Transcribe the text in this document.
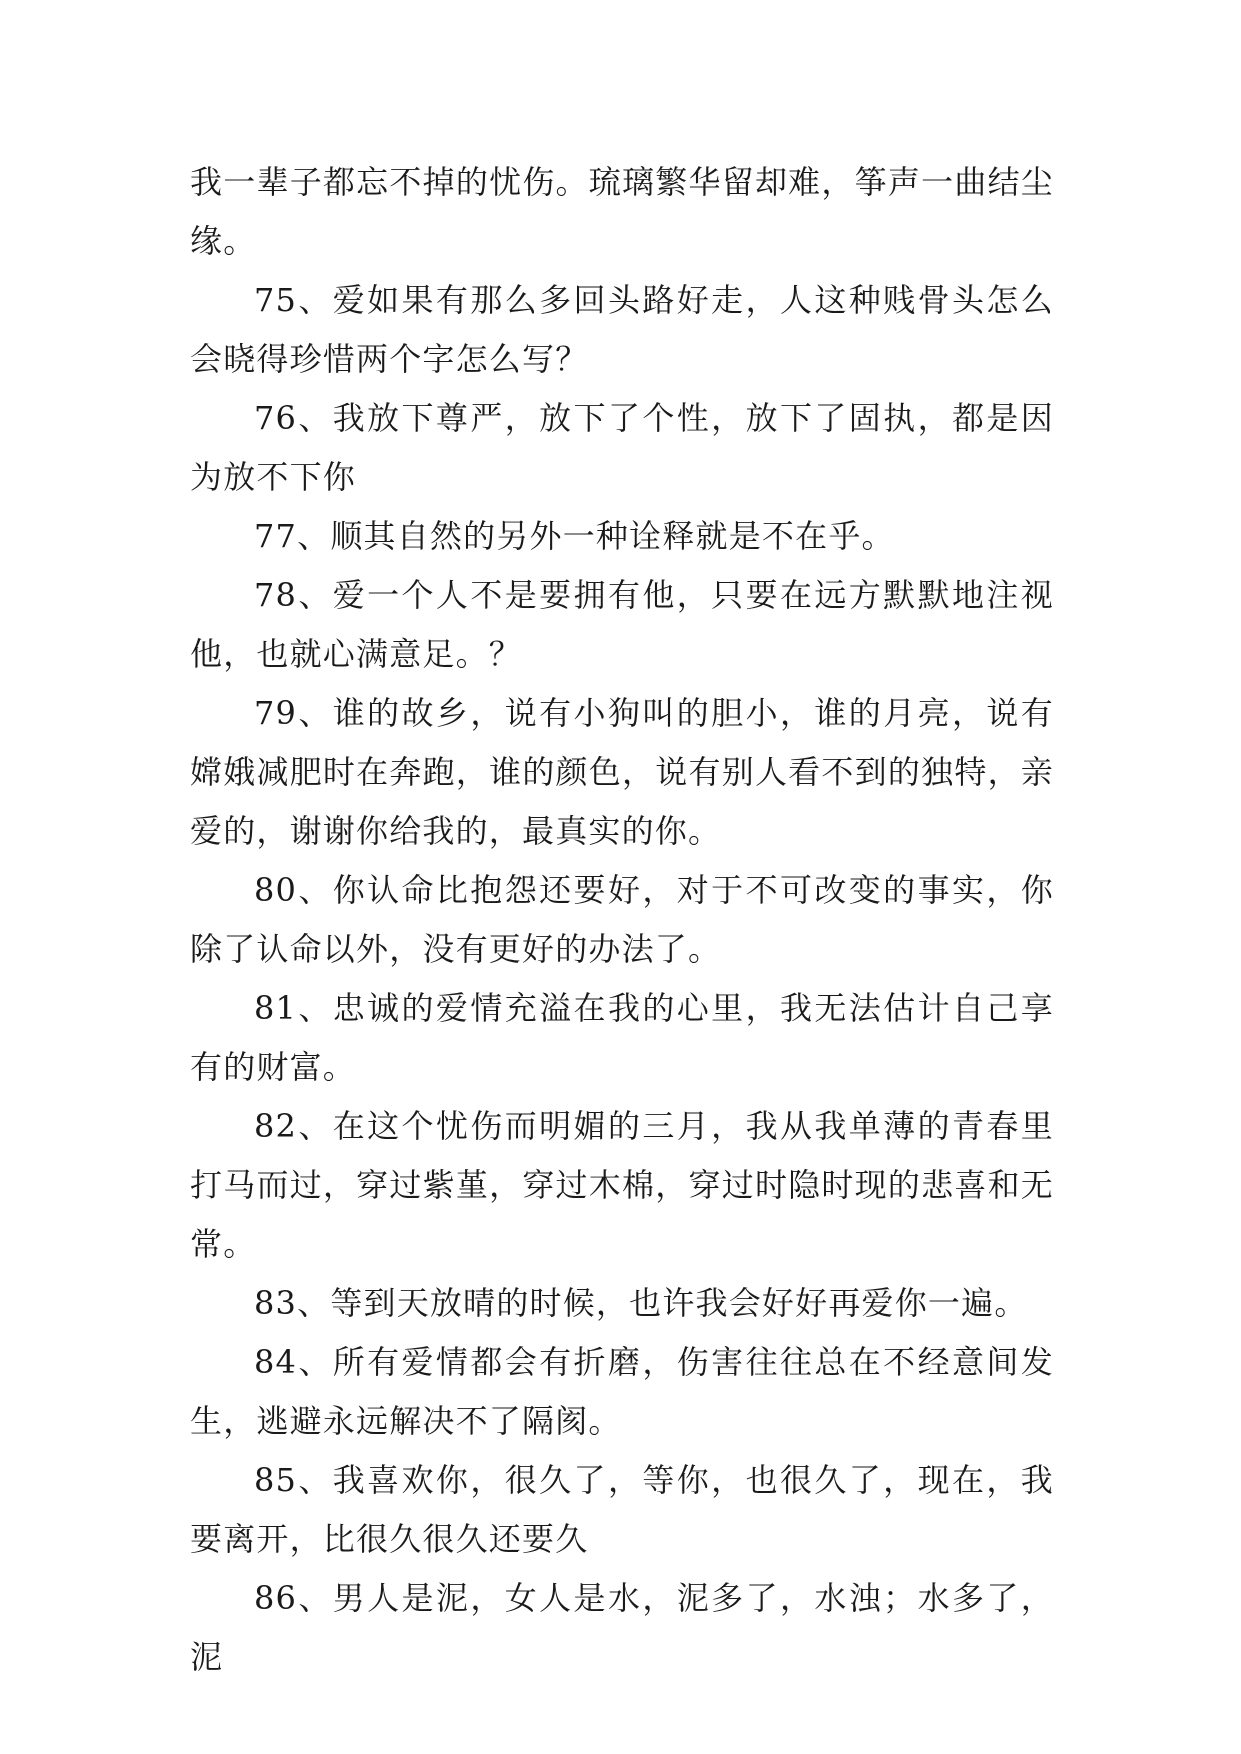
我一辈子都忘不掉的忧伤。琉璃繁华留却难，筝声一曲结尘缘。

75、爱如果有那么多回头路好走，人这种贱骨头怎么会晓得珍惜两个字怎么写？

76、我放下尊严，放下了个性，放下了固执，都是因为放不下你

77、顺其自然的另外一种诠释就是不在乎。

78、爱一个人不是要拥有他，只要在远方默默地注视他，也就心满意足。？

79、谁的故乡，说有小狗叫的胆小，谁的月亮，说有嫦娥减肥时在奔跑，谁的颜色，说有别人看不到的独特，亲爱的，谢谢你给我的，最真实的你。

80、你认命比抱怨还要好，对于不可改变的事实，你除了认命以外，没有更好的办法了。

81、忠诚的爱情充溢在我的心里，我无法估计自己享有的财富。

82、在这个忧伤而明媚的三月，我从我单薄的青春里打马而过，穿过紫堇，穿过木棉，穿过时隐时现的悲喜和无常。

83、等到天放晴的时候，也许我会好好再爱你一遍。

84、所有爱情都会有折磨，伤害往往总在不经意间发生，逃避永远解决不了隔阂。

85、我喜欢你，很久了，等你，也很久了，现在，我要离开，比很久很久还要久

86、男人是泥，女人是水，泥多了，水浊；水多了，泥
